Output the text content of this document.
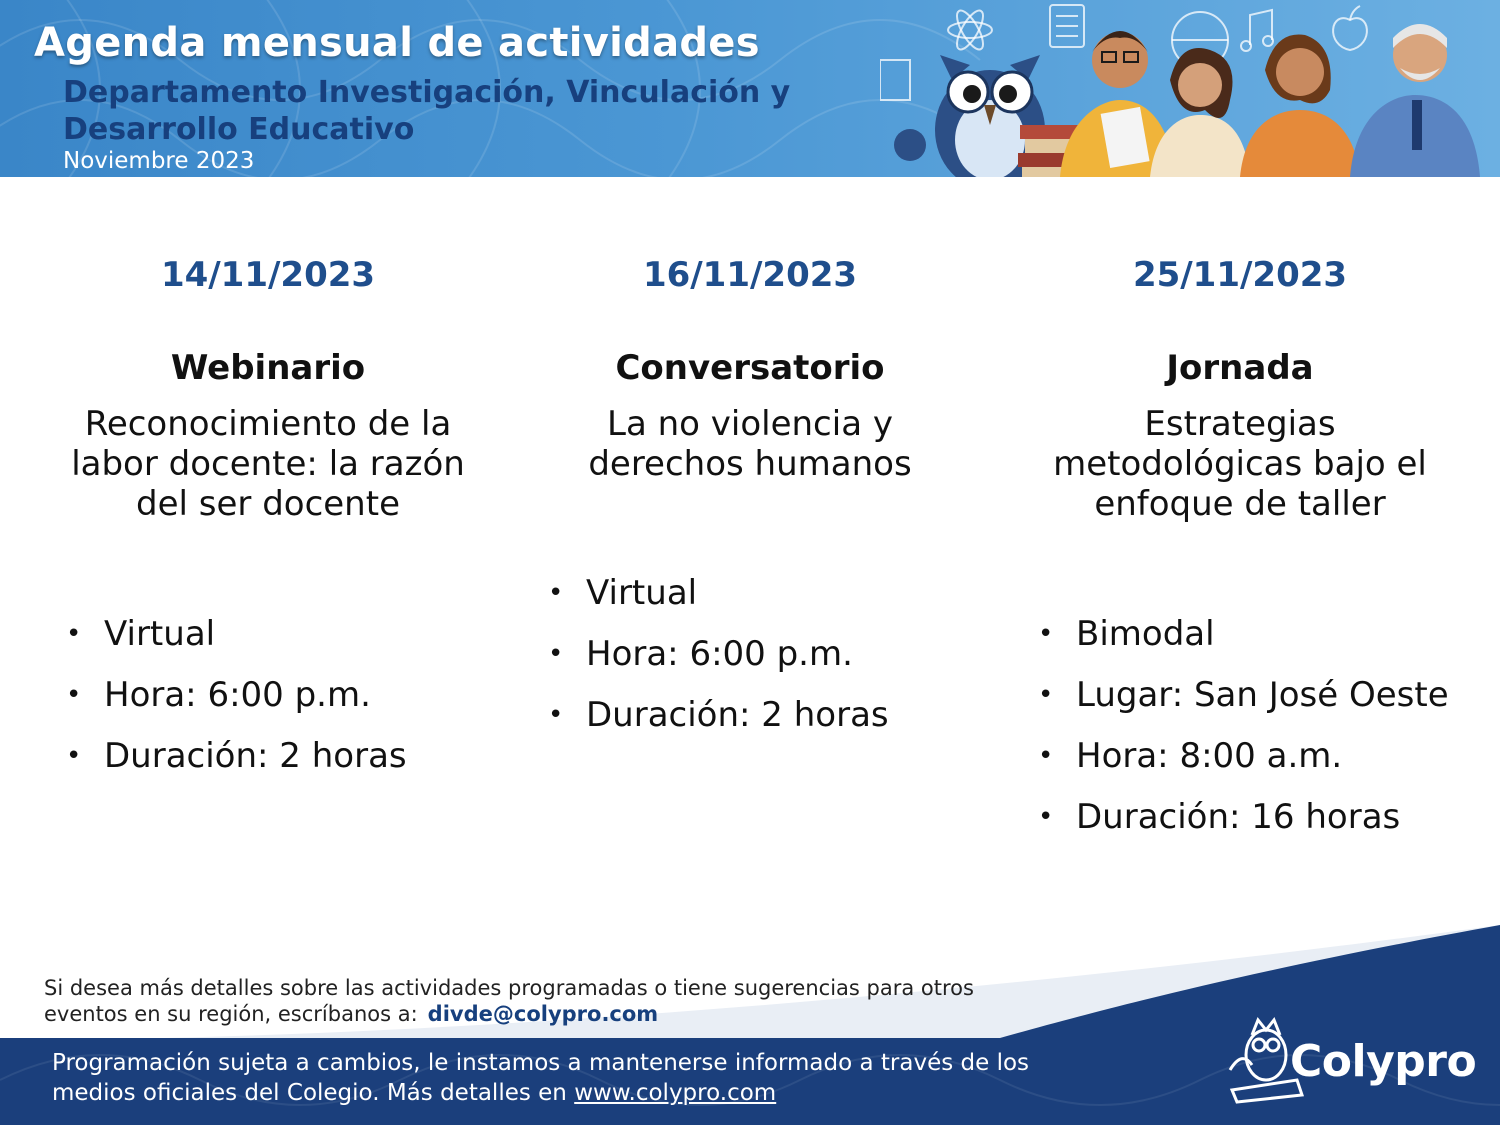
Agenda mensual de actividades
Departamento Investigación, Vinculación y Desarrollo Educativo

Noviembre 2023

14/11/2023
Webinario

Reconocimiento de la labor docente: la razón del ser docente

• Virtual
• Hora: 6:00 p.m.
• Duración: 2 horas
16/11/2023
Conversatorio

La no violencia y derechos humanos

• Virtual
• Hora: 6:00 p.m.
• Duración: 2 horas
25/11/2023
Jornada

Estrategias metodológicas bajo el enfoque de taller

• Bimodal
• Lugar: San José Oeste
• Hora: 8:00 a.m.
• Duración: 16 horas

Si desea más detalles sobre las actividades programadas o tiene sugerencias para otros eventos en su región, escríbanos a: divde@colypro.com

Programación sujeta a cambios, le instamos a mantenerse informado a través de los medios oficiales del Colegio. Más detalles en www.colypro.com

Colypro
